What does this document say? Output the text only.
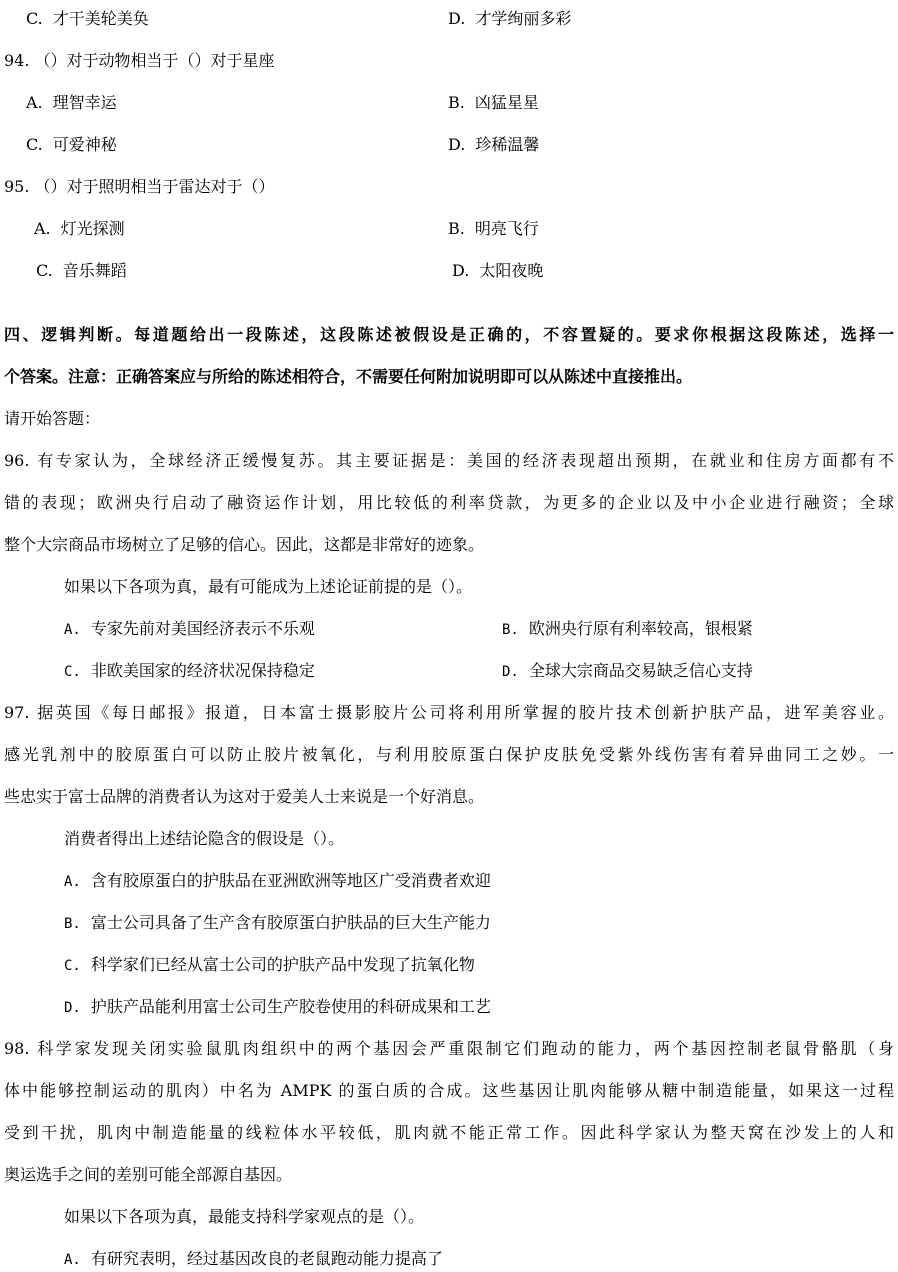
C. 才干美轮美奂	D. 才学绚丽多彩
94. （）对于动物相当于（）对于星座
A. 理智幸运	B. 凶猛星星
C. 可爱神秘	D. 珍稀温馨
95. （）对于照明相当于雷达对于（）
A. 灯光探测	B. 明亮飞行
C. 音乐舞蹈	D. 太阳夜晚
四、逻辑判断。每道题给出一段陈述，这段陈述被假设是正确的，不容置疑的。要求你根据这段陈述，选择一
个答案。注意：正确答案应与所给的陈述相符合，不需要任何附加说明即可以从陈述中直接推出。
请开始答题：
96. 有专家认为，全球经济正缓慢复苏。其主要证据是：美国的经济表现超出预期，在就业和住房方面都有不
错的表现；欧洲央行启动了融资运作计划，用比较低的利率贷款，为更多的企业以及中小企业进行融资；全球
整个大宗商品市场树立了足够的信心。因此，这都是非常好的迹象。
如果以下各项为真，最有可能成为上述论证前提的是（）。
A. 专家先前对美国经济表示不乐观	B. 欧洲央行原有利率较高，银根紧
C. 非欧美国家的经济状况保持稳定	D. 全球大宗商品交易缺乏信心支持
97. 据英国《每日邮报》报道，日本富士摄影胶片公司将利用所掌握的胶片技术创新护肤产品，进军美容业。
感光乳剂中的胶原蛋白可以防止胶片被氧化，与利用胶原蛋白保护皮肤免受紫外线伤害有着异曲同工之妙。一
些忠实于富士品牌的消费者认为这对于爱美人士来说是一个好消息。
消费者得出上述结论隐含的假设是（）。
A. 含有胶原蛋白的护肤品在亚洲欧洲等地区广受消费者欢迎
B. 富士公司具备了生产含有胶原蛋白护肤品的巨大生产能力
C. 科学家们已经从富士公司的护肤产品中发现了抗氧化物
D. 护肤产品能利用富士公司生产胶卷使用的科研成果和工艺
98. 科学家发现关闭实验鼠肌肉组织中的两个基因会严重限制它们跑动的能力，两个基因控制老鼠骨骼肌（身
体中能够控制运动的肌肉）中名为 AMPK 的蛋白质的合成。这些基因让肌肉能够从糖中制造能量，如果这一过程
受到干扰，肌肉中制造能量的线粒体水平较低，肌肉就不能正常工作。因此科学家认为整天窝在沙发上的人和
奥运选手之间的差别可能全部源自基因。
如果以下各项为真，最能支持科学家观点的是（）。
A. 有研究表明，经过基因改良的老鼠跑动能力提高了
